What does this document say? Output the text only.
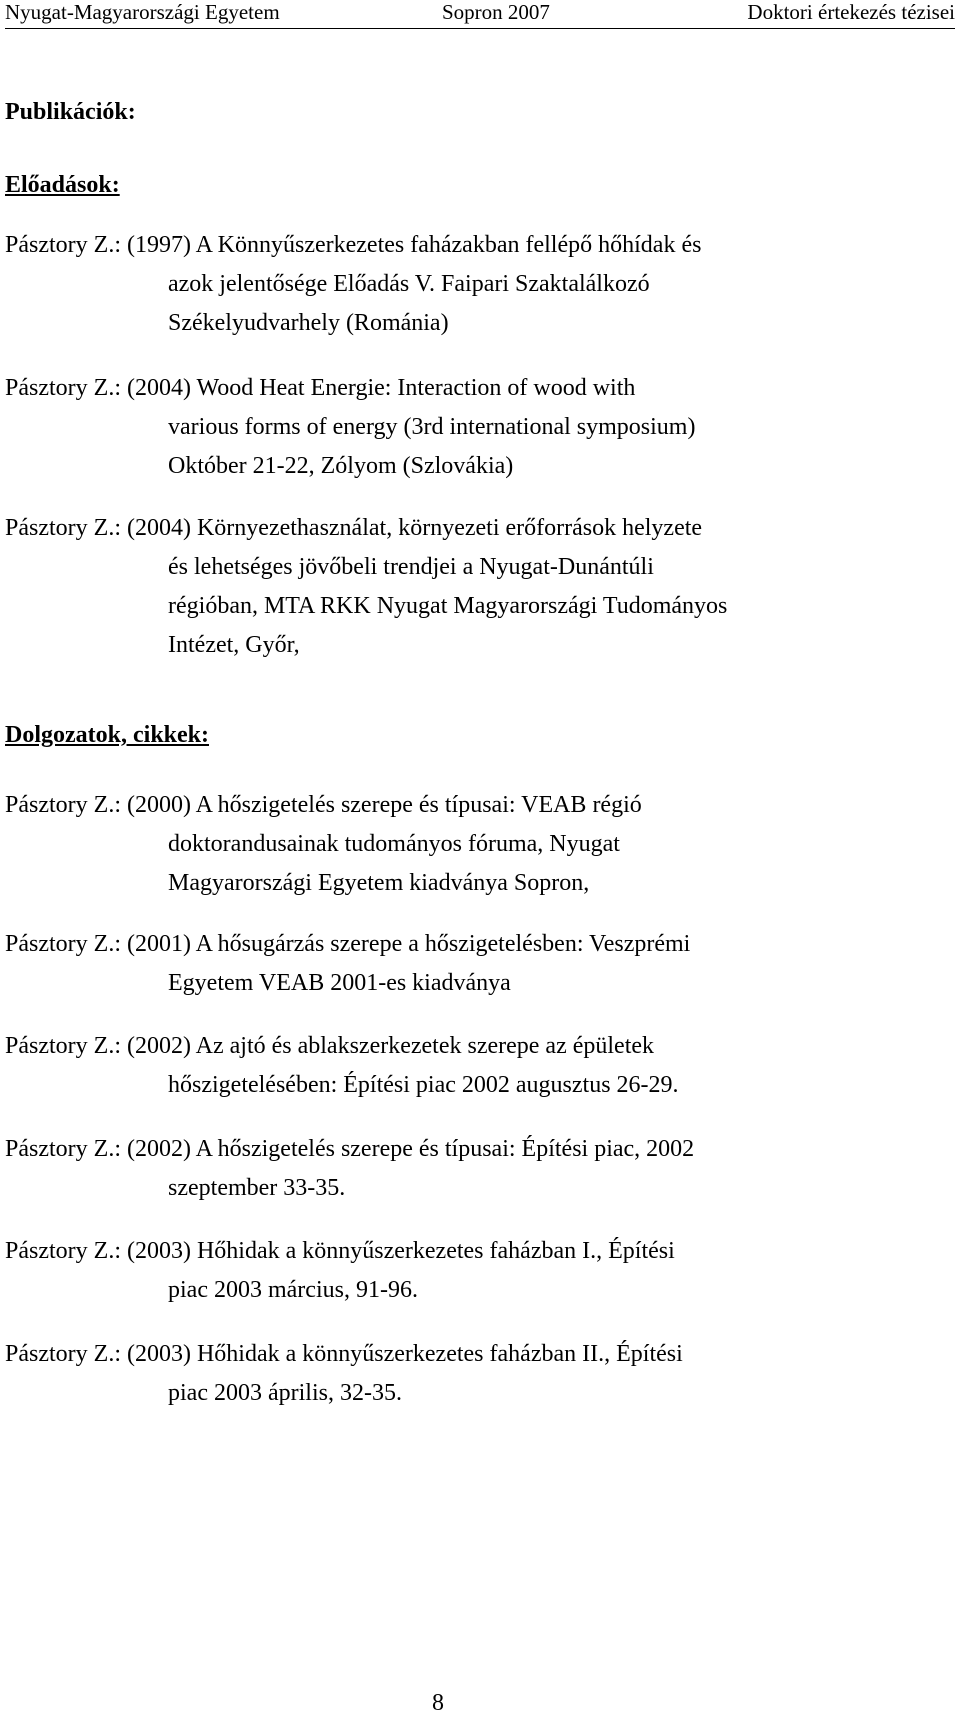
Nyugat-Magyarországi Egyetem	Sopron 2007	Doktori értekezés tézisei
Publikációk:
Előadások:
Pásztory Z.: (1997) A Könnyűszerkezetes faházakban fellépő hőhídak és
azok jelentősége Előadás V. Faipari Szaktalálkozó
Székelyudvarhely (Románia)
Pásztory Z.: (2004) Wood Heat Energie: Interaction of wood with
various forms of energy (3rd international symposium)
Október 21-22, Zólyom (Szlovákia)
Pásztory Z.: (2004) Környezethasználat, környezeti erőforrások helyzete
és lehetséges jövőbeli trendjei a Nyugat-Dunántúli
régióban, MTA RKK Nyugat Magyarországi Tudományos
Intézet, Győr,
Dolgozatok, cikkek:
Pásztory Z.: (2000) A hőszigetelés szerepe és típusai: VEAB régió
doktorandusainak tudományos fóruma, Nyugat
Magyarországi Egyetem kiadványa Sopron,
Pásztory Z.: (2001) A hősugárzás szerepe a hőszigetelésben: Veszprémi
Egyetem VEAB 2001-es kiadványa
Pásztory Z.: (2002) Az ajtó és ablakszerkezetek szerepe az épületek
hőszigetelésében: Építési piac 2002 augusztus 26-29.
Pásztory Z.: (2002) A hőszigetelés szerepe és típusai: Építési piac, 2002
szeptember 33-35.
Pásztory Z.: (2003) Hőhidak a könnyűszerkezetes faházban I., Építési
piac 2003 március, 91-96.
Pásztory Z.: (2003) Hőhidak a könnyűszerkezetes faházban II., Építési
piac 2003 április, 32-35.
8
